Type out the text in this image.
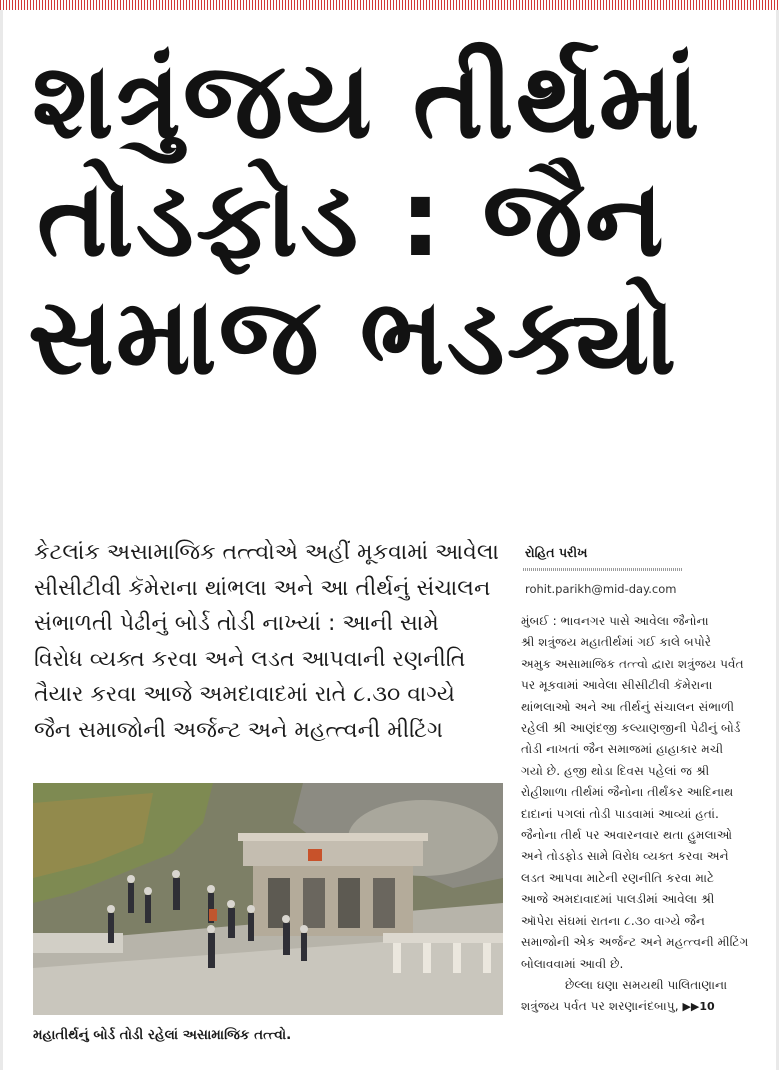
શત્રુંજય તીર્થમાં
તોડફોડ : જૈન
સમાજ ભડક્યો
કેટલાંક અસામાજિક તત્ત્વોએ અહીં મૂકવામાં આવેલા
સીસીટીવી કૅમેરાના થાંભલા અને આ તીર્થનું સંચાલન
સંભાળતી પેઢીનું બોર્ડ તોડી નાખ્યાં : આની સામે
વિરોધ વ્યક્ત કરવા અને લડત આપવાની રણનીતિ
તૈયાર કરવા આજે અમદાવાદમાં રાતે ૮.૩૦ વાગ્યે
જૈન સમાજોની અર્જન્ટ અને મહત્ત્વની મીટિંગ
રોહિત પરીખ
rohit.parikh@mid-day.com
મુંબઈ : ભાવનગર પાસે આવેલા જૈનોના
શ્રી શત્રુંજય મહાતીર્થમાં ગઈ કાલે બપોરે
અમુક અસામાજિક તત્ત્વો દ્વારા શત્રુંજય પર્વત
પર મૂકવામાં આવેલા સીસીટીવી કૅમેરાના
થાંભલાઓ અને આ તીર્થનું સંચાલન સંભાળી
રહેલી શ્રી આણંદજી કલ્યાણજીની પેઢીનું બોર્ડ
તોડી નાખતાં જૈન સમાજમાં હાહાકાર મચી
ગયો છે. હજી થોડા દિવસ પહેલાં જ શ્રી
રોહીશાળા તીર્થમાં જૈનોના તીર્થંકર આદિનાથ
દાદાનાં પગલાં તોડી પાડવામાં આવ્યાં હતાં.
જૈનોના તીર્થ પર અવારનવાર થતા હુમલાઓ
અને તોડફોડ સામે વિરોધ વ્યક્ત કરવા અને
લડત આપવા માટેની રણનીતિ કરવા માટે
આજે અમદાવાદમાં પાલડીમાં આવેલા શ્રી
ઑપેરા સંઘમાં રાતના ૮.૩૦ વાગ્યે જૈન
સમાજોની એક અર્જન્ટ અને મહત્ત્વની મીટિંગ
બોલાવવામાં આવી છે.
છેલ્લા ઘણા સમયથી પાલિતાણાના
શત્રુંજય પર્વત પર શરણાનંદબાપુ, ▶▶10
મહાતીર્થનું બોર્ડ તોડી રહેલાં અસામાજિક તત્ત્વો.
